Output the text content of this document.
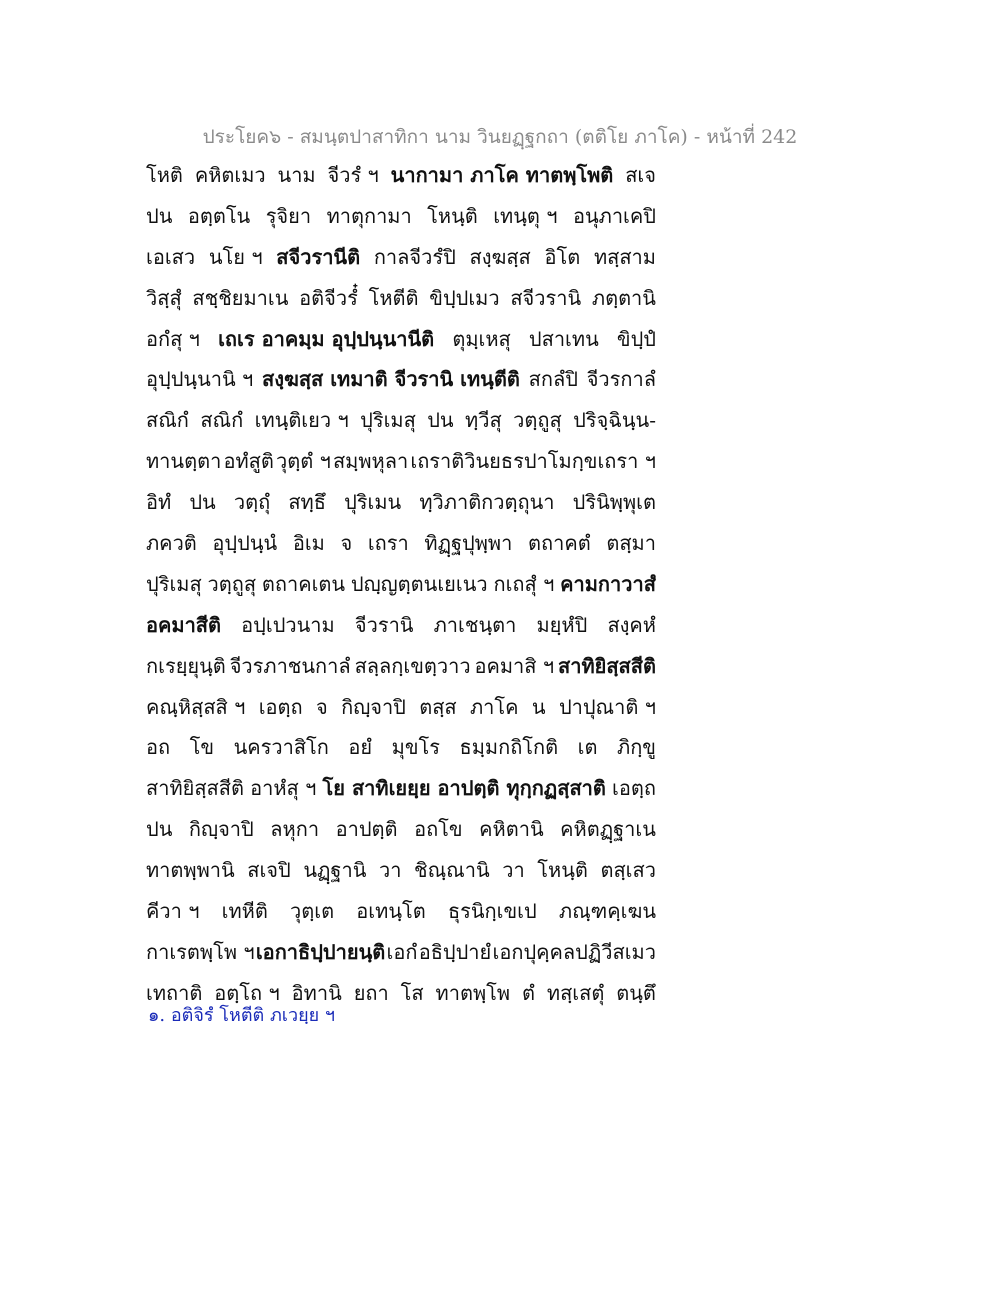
ประโยค๖ - สมนฺตปาสาทิกา นาม วินยฏฺฐกถา (ตติโย ภาโค) - หน้าที่ 242
โหติ คหิตเมว นาม จีวรํ ฯ นากามา ภาโค ทาตพฺโพติ สเจ
ปน อตฺตโน รุจิยา ทาตุกามา โหนฺติ เทนฺตุ ฯ อนุภาเคปิ
เอเสว นโย ฯ สจีวรานีติ กาลจีวรํปิ สงฺฆสฺส อิโต ทสฺสาม
วิสฺสุํ สชฺชิยมาเน อติจีวรํ๋ โหตีติ ขิปฺปเมว สจีวรานิ ภตฺตานิ
อกํสุ ฯ เถเร อาคมฺม อุปฺปนฺนานีติ ตุมฺเหสุ ปสาเทน ขิปฺปํ
อุปฺปนฺนานิ ฯ สงฺฆสฺส เทมาติ จีวรานิ เทนฺตีติ สกลํปิ จีวรกาลํ
สณิกํ สณิกํ เทนฺติเยว ฯ ปุริเมสุ ปน ทฺวีสุ วตฺถูสุ ปริจฺฉินฺน-
ทานตฺตา อทํสูติ วุตฺตํ ฯ สมฺพหุลา เถราติวินยธรปาโมกฺขเถรา ฯ
อิทํ ปน วตฺถุํ สทฺธึ ปุริเมน ทฺวิภาติกวตฺถุนา ปรินิพฺพุเต
ภควติ อุปฺปนฺนํ อิเม จ เถรา ทิฏฺฐปุพฺพา ตถาคตํ ตสฺมา
ปุริเมสุ วตฺถูสุ ตถาคเตน ปญฺญตฺตนเยเนว กเถสุํ ฯ คามกาวาสํ
อคมาสีติ อปฺเปวนาม จีวรานิ ภาเชนฺตา มยฺหํปิ สงฺคหํ
กเรยฺยุนฺติ จีวรภาชนกาลํ สลฺลกฺเขตฺวาว อคมาสิ ฯ สาทิยิสฺสสีติ
คณฺหิสฺสสิ ฯ เอตฺถ จ กิญฺจาปิ ตสฺส ภาโค น ปาปุณาติ ฯ
อถ โข นครวาสิโก อยํ มุขโร ธมฺมกถิโกติ เต ภิกฺขู
สาทิยิสฺสสีติ อาหํสุ ฯ โย สาทิเยยฺย อาปตฺติ ทุกฺกฏสฺสาติ เอตฺถ
ปน กิญฺจาปิ ลหุกา อาปตฺติ อถโข คหิตานิ คหิตฏฺฐาเน
ทาตพฺพานิ สเจปิ นฏฺฐานิ วา ชิณฺณานิ วา โหนฺติ ตสฺเสว
คีวา ฯ เทหีติ วุตฺเต อเทนฺโต ธุรนิกฺเขเป ภณฺฑคฺเฆน
กาเรตพฺโพ ฯ เอกาธิปฺปายนฺติ เอกํ อธิปฺปายํ เอกปุคฺคลปฏิวีสเมว
เทถาติ อตฺโถ ฯ อิทานิ ยถา โส ทาตพฺโพ ตํ ทสฺเสตุํ ตนฺตึ
๑. อติจิรํ โหตีติ ภเวยฺย ฯ
